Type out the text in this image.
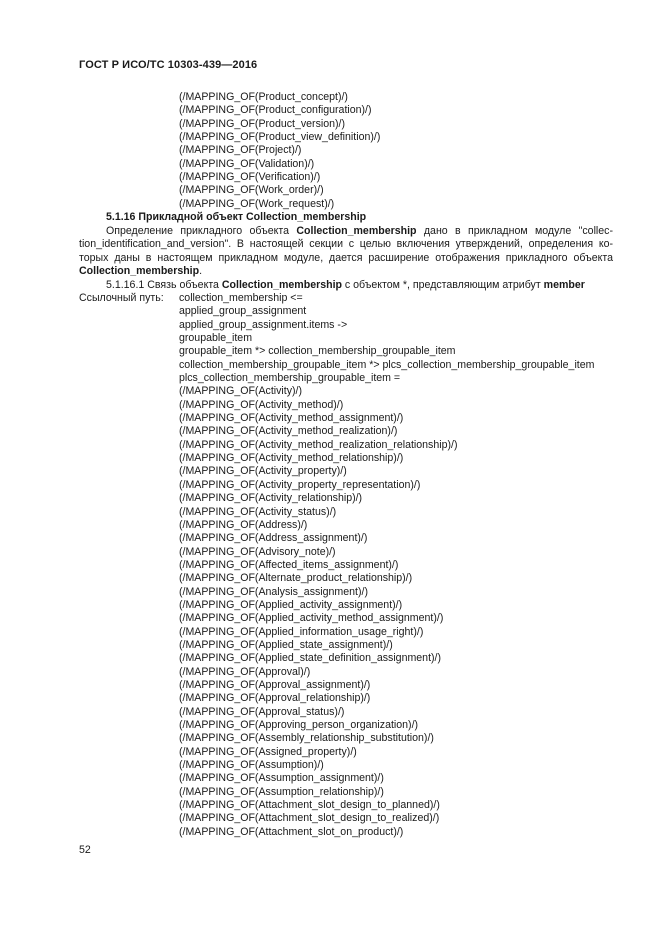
ГОСТ Р ИСО/ТС 10303-439—2016
(/MAPPING_OF(Product_concept)/)
(/MAPPING_OF(Product_configuration)/)
(/MAPPING_OF(Product_version)/)
(/MAPPING_OF(Product_view_definition)/)
(/MAPPING_OF(Project)/)
(/MAPPING_OF(Validation)/)
(/MAPPING_OF(Verification)/)
(/MAPPING_OF(Work_order)/)
(/MAPPING_OF(Work_request)/)
5.1.16 Прикладной объект Collection_membership
Определение прикладного объекта Collection_membership дано в прикладном модуле "collec-
tion_identification_and_version". В настоящей секции с целью включения утверждений, определения ко-
торых даны в настоящем прикладном модуле, дается расширение отображения прикладного объекта
Collection_membership.
5.1.16.1 Связь объекта Collection_membership с объектом *, представляющим атрибут member
Ссылочный путь: collection_membership <=
applied_group_assignment
applied_group_assignment.items ->
groupable_item
groupable_item *> collection_membership_groupable_item
collection_membership_groupable_item *> plcs_collection_membership_groupable_item
plcs_collection_membership_groupable_item =
(/MAPPING_OF(Activity)/)
(/MAPPING_OF(Activity_method)/)
(/MAPPING_OF(Activity_method_assignment)/)
(/MAPPING_OF(Activity_method_realization)/)
(/MAPPING_OF(Activity_method_realization_relationship)/)
(/MAPPING_OF(Activity_method_relationship)/)
(/MAPPING_OF(Activity_property)/)
(/MAPPING_OF(Activity_property_representation)/)
(/MAPPING_OF(Activity_relationship)/)
(/MAPPING_OF(Activity_status)/)
(/MAPPING_OF(Address)/)
(/MAPPING_OF(Address_assignment)/)
(/MAPPING_OF(Advisory_note)/)
(/MAPPING_OF(Affected_items_assignment)/)
(/MAPPING_OF(Alternate_product_relationship)/)
(/MAPPING_OF(Analysis_assignment)/)
(/MAPPING_OF(Applied_activity_assignment)/)
(/MAPPING_OF(Applied_activity_method_assignment)/)
(/MAPPING_OF(Applied_information_usage_right)/)
(/MAPPING_OF(Applied_state_assignment)/)
(/MAPPING_OF(Applied_state_definition_assignment)/)
(/MAPPING_OF(Approval)/)
(/MAPPING_OF(Approval_assignment)/)
(/MAPPING_OF(Approval_relationship)/)
(/MAPPING_OF(Approval_status)/)
(/MAPPING_OF(Approving_person_organization)/)
(/MAPPING_OF(Assembly_relationship_substitution)/)
(/MAPPING_OF(Assigned_property)/)
(/MAPPING_OF(Assumption)/)
(/MAPPING_OF(Assumption_assignment)/)
(/MAPPING_OF(Assumption_relationship)/)
(/MAPPING_OF(Attachment_slot_design_to_planned)/)
(/MAPPING_OF(Attachment_slot_design_to_realized)/)
(/MAPPING_OF(Attachment_slot_on_product)/)
52
